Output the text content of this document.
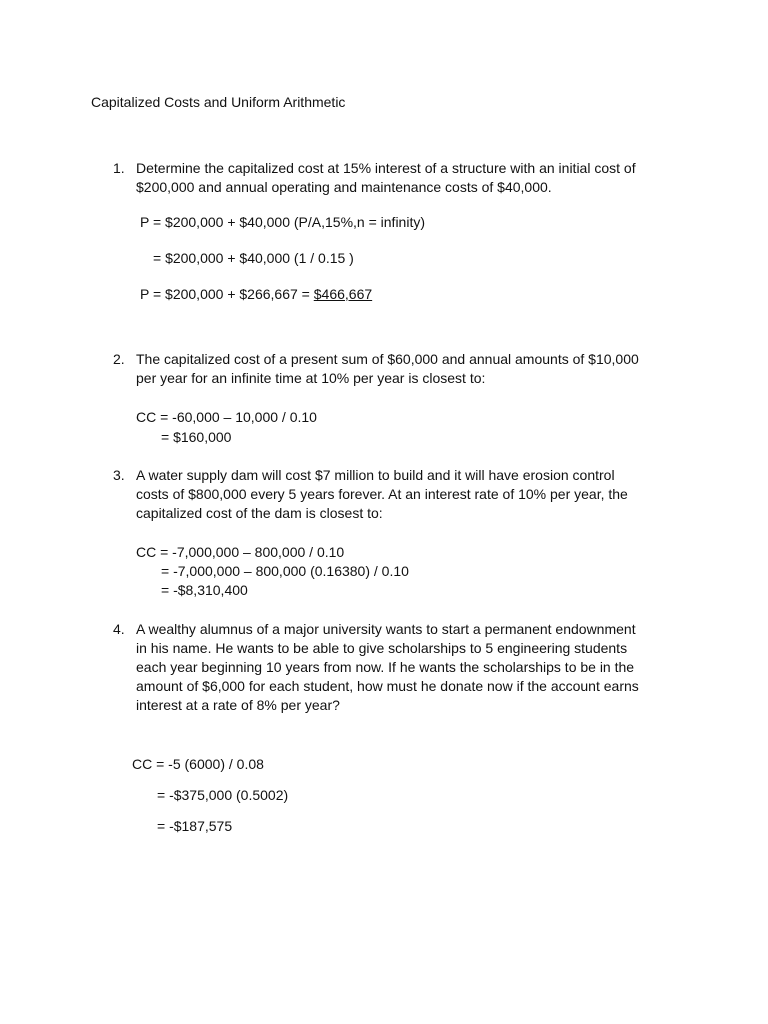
Capitalized Costs and Uniform Arithmetic
1. Determine the capitalized cost at 15% interest of a structure with an initial cost of
$200,000 and annual operating and maintenance costs of $40,000.
P = $200,000 + $40,000 (P/A,15%,n = infinity)
= $200,000 + $40,000 (1 / 0.15 )
P = $200,000 + $266,667 = $466,667
2. The capitalized cost of a present sum of $60,000 and annual amounts of $10,000
per year for an infinite time at 10% per year is closest to:
CC = -60,000 – 10,000 / 0.10
= $160,000
3. A water supply dam will cost $7 million to build and it will have erosion control
costs of $800,000 every 5 years forever. At an interest rate of 10% per year, the
capitalized cost of the dam is closest to:
CC = -7,000,000 – 800,000 / 0.10
= -7,000,000 – 800,000 (0.16380) / 0.10
= -$8,310,400
4. A wealthy alumnus of a major university wants to start a permanent endownment
in his name. He wants to be able to give scholarships to 5 engineering students
each year beginning 10 years from now. If he wants the scholarships to be in the
amount of $6,000 for each student, how must he donate now if the account earns
interest at a rate of 8% per year?
CC = -5 (6000) / 0.08
= -$375,000 (0.5002)
= -$187,575
